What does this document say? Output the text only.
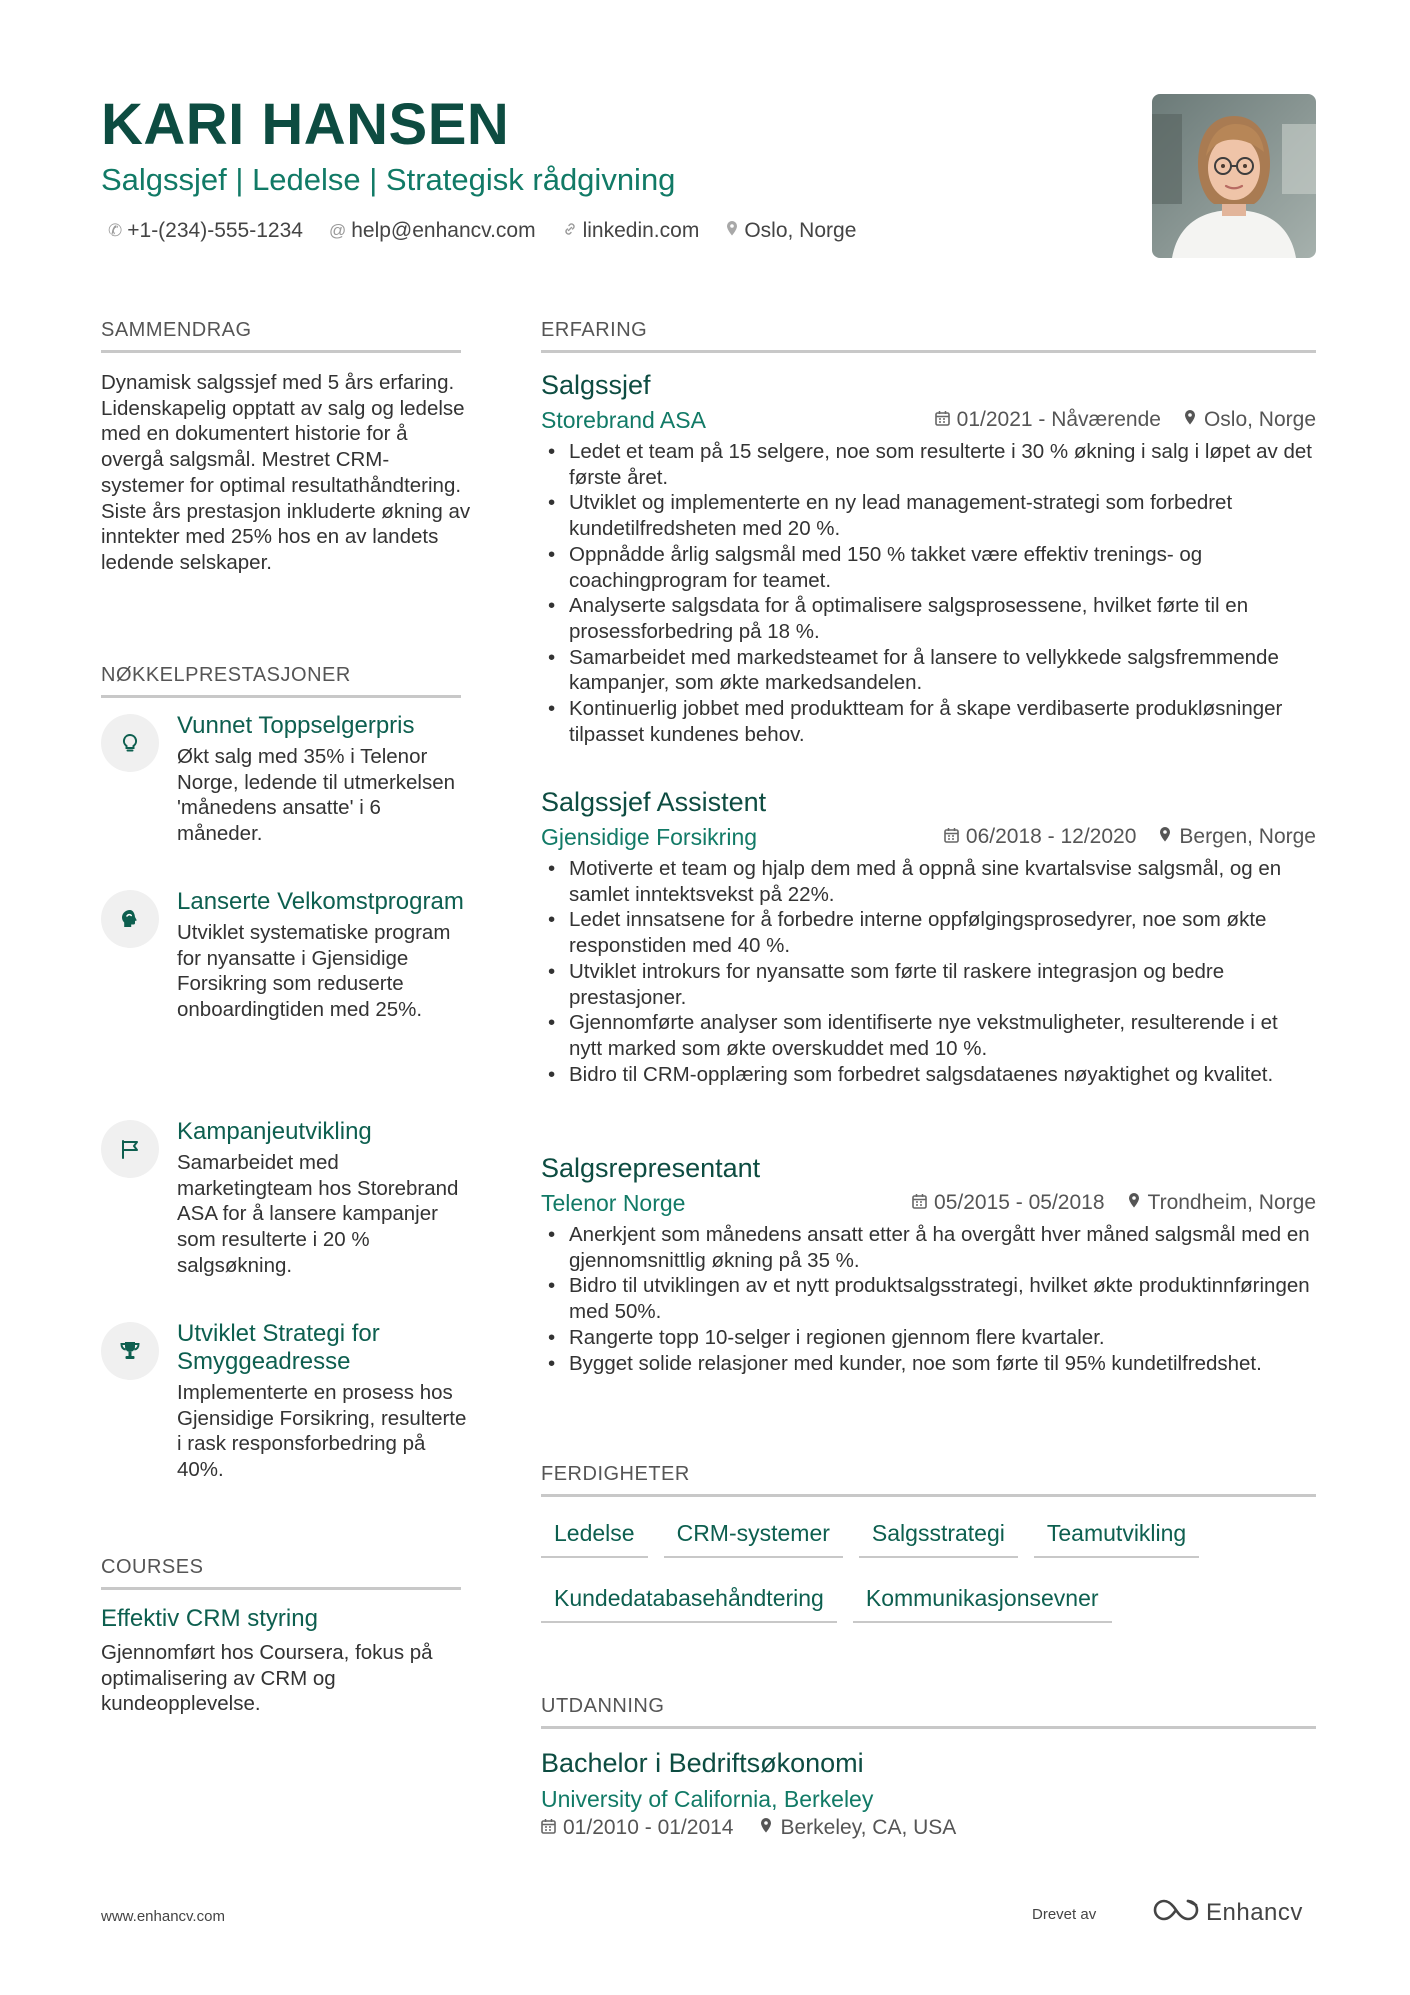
KARI HANSEN
Salgssjef | Ledelse | Strategisk rådgivning
✆ +1-(234)-555-1234 @ help@enhancv.com linkedin.com Oslo, Norge
SAMMENDRAG
Dynamisk salgssjef med 5 års erfaring. Lidenskapelig opptatt av salg og ledelse med en dokumentert historie for å overgå salgsmål. Mestret CRM-systemer for optimal resultathåndtering. Siste års prestasjon inkluderte økning av inntekter med 25% hos en av landets ledende selskaper.
NØKKELPRESTASJONER
Vunnet Toppselgerpris
Økt salg med 35% i Telenor Norge, ledende til utmerkelsen 'månedens ansatte' i 6 måneder.
Lanserte Velkomstprogram
Utviklet systematiske program for nyansatte i Gjensidige Forsikring som reduserte onboardingtiden med 25%.
Kampanjeutvikling
Samarbeidet med marketingteam hos Storebrand ASA for å lansere kampanjer som resulterte i 20 % salgsøkning.
Utviklet Strategi for Smyggeadresse
Implementerte en prosess hos Gjensidige Forsikring, resulterte i rask responsforbedring på 40%.
COURSES
Effektiv CRM styring
Gjennomført hos Coursera, fokus på optimalisering av CRM og kundeopplevelse.
ERFARING
Salgssjef
Storebrand ASA	01/2021 - Nåværende Oslo, Norge
• Ledet et team på 15 selgere, noe som resulterte i 30 % økning i salg i løpet av det første året.
• Utviklet og implementerte en ny lead management-strategi som forbedret kundetilfredsheten med 20 %.
• Oppnådde årlig salgsmål med 150 % takket være effektiv trenings- og coachingprogram for teamet.
• Analyserte salgsdata for å optimalisere salgsprosessene, hvilket førte til en prosessforbedring på 18 %.
• Samarbeidet med markedsteamet for å lansere to vellykkede salgsfremmende kampanjer, som økte markedsandelen.
• Kontinuerlig jobbet med produktteam for å skape verdibaserte produkløsninger tilpasset kundenes behov.
Salgssjef Assistent
Gjensidige Forsikring	06/2018 - 12/2020 Bergen, Norge
• Motiverte et team og hjalp dem med å oppnå sine kvartalsvise salgsmål, og en samlet inntektsvekst på 22%.
• Ledet innsatsene for å forbedre interne oppfølgingsprosedyrer, noe som økte responstiden med 40 %.
• Utviklet introkurs for nyansatte som førte til raskere integrasjon og bedre prestasjoner.
• Gjennomførte analyser som identifiserte nye vekstmuligheter, resulterende i et nytt marked som økte overskuddet med 10 %.
• Bidro til CRM-opplæring som forbedret salgsdataenes nøyaktighet og kvalitet.
Salgsrepresentant
Telenor Norge	05/2015 - 05/2018 Trondheim, Norge
• Anerkjent som månedens ansatt etter å ha overgått hver måned salgsmål med en gjennomsnittlig økning på 35 %.
• Bidro til utviklingen av et nytt produktsalgsstrategi, hvilket økte produktinnføringen med 50%.
• Rangerte topp 10-selger i regionen gjennom flere kvartaler.
• Bygget solide relasjoner med kunder, noe som førte til 95% kundetilfredshet.
FERDIGHETER
Ledelse	CRM-systemer	Salgsstrategi	Teamutvikling
Kundedatabasehåndtering	Kommunikasjonsevner
UTDANNING
Bachelor i Bedriftsøkonomi
University of California, Berkeley
01/2010 - 01/2014 Berkeley, CA, USA
www.enhancv.com	Drevet av	Enhancv
